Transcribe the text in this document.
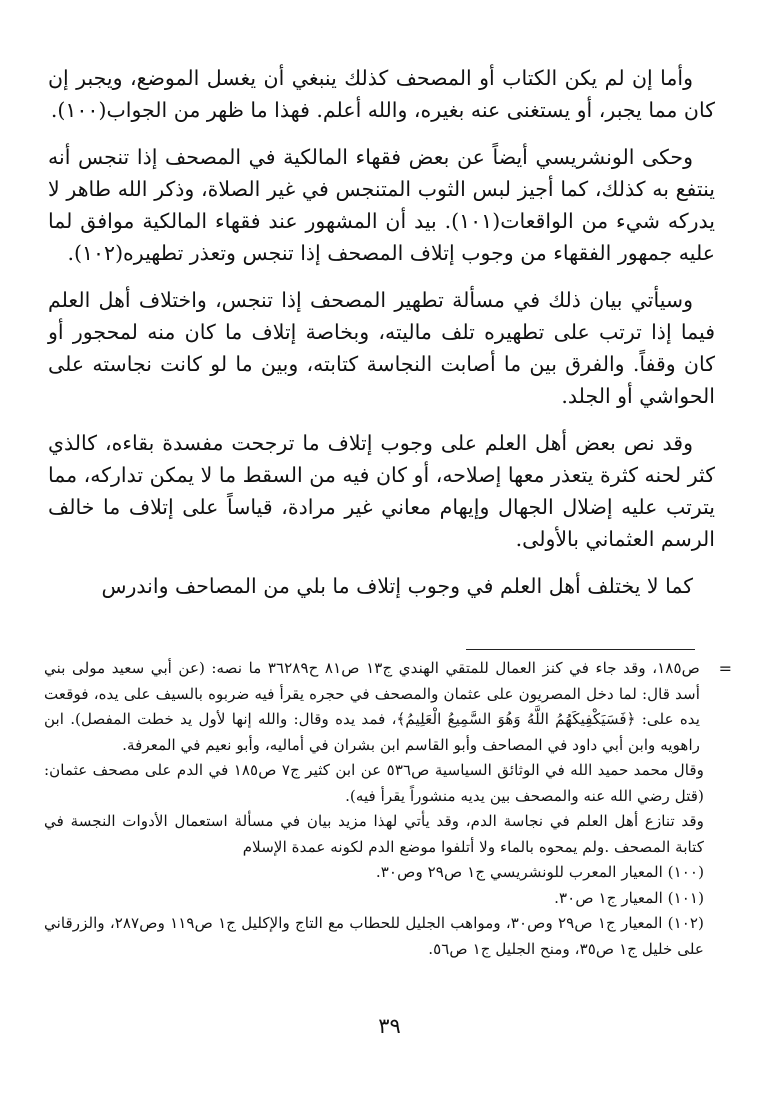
وأما إن لم يكن الكتاب أو المصحف كذلك ينبغي أن يغسل الموضع، ويجبر إن كان مما يجبر، أو يستغنى عنه بغيره، والله أعلم. فهذا ما ظهر من الجواب(١٠٠).

وحكى الونشريسي أيضاً عن بعض فقهاء المالكية في المصحف إذا تنجس أنه ينتفع به كذلك، كما أجيز لبس الثوب المتنجس في غير الصلاة، وذكر الله طاهر لا يدركه شيء من الواقعات(١٠١). بيد أن المشهور عند فقهاء المالكية موافق لما عليه جمهور الفقهاء من وجوب إتلاف المصحف إذا تنجس وتعذر تطهيره(١٠٢).

وسيأتي بيان ذلك في مسألة تطهير المصحف إذا تنجس، واختلاف أهل العلم فيما إذا ترتب على تطهيره تلف ماليته، وبخاصة إتلاف ما كان منه لمحجور أو كان وقفاً. والفرق بين ما أصابت النجاسة كتابته، وبين ما لو كانت نجاسته على الحواشي أو الجلد.

وقد نص بعض أهل العلم على وجوب إتلاف ما ترجحت مفسدة بقاءه، كالذي كثر لحنه كثرة يتعذر معها إصلاحه، أو كان فيه من السقط ما لا يمكن تداركه، مما يترتب عليه إضلال الجهال وإيهام معاني غير مرادة، قياساً على إتلاف ما خالف الرسم العثماني بالأولى.

كما لا يختلف أهل العلم في وجوب إتلاف ما بلي من المصاحف واندرس

=
ص١٨٥، وقد جاء في كنز العمال للمتقي الهندي ج١٣ ص٨١ ح٣٦٢٨٩ ما نصه: (عن أبي سعيد مولى بني أسد قال: لما دخل المصريون على عثمان والمصحف في حجره يقرأ فيه ضربوه بالسيف على يده، فوقعت يده على: ﴿فَسَيَكْفِيكَهُمُ اللَّهُ وَهُوَ السَّمِيعُ الْعَلِيمُ﴾، فمد يده وقال: والله إنها لأول يد خطت المفصل). ابن راهويه وابن أبي داود في المصاحف وأبو القاسم ابن بشران في أماليه، وأبو نعيم في المعرفة.

وقال محمد حميد الله في الوثائق السياسية ص٥٣٦ عن ابن كثير ج٧ ص١٨٥ في الدم على مصحف عثمان: (قتل رضي الله عنه والمصحف بين يديه منشوراً يقرأ فيه).

وقد تنازع أهل العلم في نجاسة الدم، وقد يأتي لهذا مزيد بيان في مسألة استعمال الأدوات النجسة في كتابة المصحف .ولم يمحوه بالماء ولا أتلفوا موضع الدم لكونه عمدة الإسلام

(١٠٠) المعيار المعرب للونشريسي ج١ ص٢٩ وص٣٠.

(١٠١) المعيار ج١ ص٣٠.

(١٠٢) المعيار ج١ ص٢٩ وص٣٠، ومواهب الجليل للحطاب مع التاج والإكليل ج١ ص١١٩ وص٢٨٧، والزرقاني على خليل ج١ ص٣٥، ومنح الجليل ج١ ص٥٦.

٣٩
